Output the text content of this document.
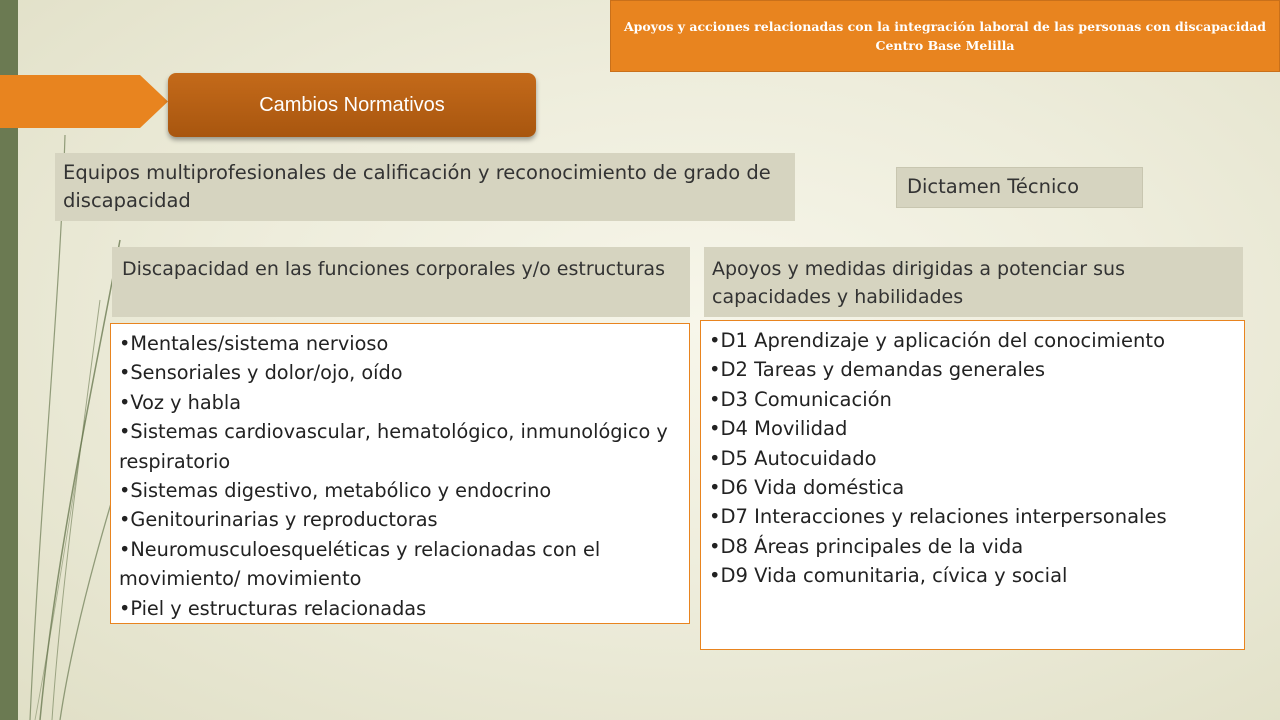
Apoyos y acciones relacionadas con la integración laboral de las personas con discapacidad
Centro Base Melilla
Cambios Normativos
Equipos multiprofesionales de calificación y reconocimiento de grado de discapacidad
Dictamen Técnico
Discapacidad en las funciones corporales y/o estructuras	Apoyos y medidas dirigidas a potenciar sus capacidades y habilidades
•Mentales/sistema nervioso
•Sensoriales y dolor/ojo, oído
•Voz y habla
•Sistemas cardiovascular, hematológico, inmunológico y respiratorio
•Sistemas digestivo, metabólico y endocrino
•Genitourinarias y reproductoras
•Neuromusculoesqueléticas y relacionadas con el movimiento/ movimiento
•Piel y estructuras relacionadas
•D1 Aprendizaje y aplicación del conocimiento
•D2 Tareas y demandas generales
•D3 Comunicación
•D4 Movilidad
•D5 Autocuidado
•D6 Vida doméstica
•D7 Interacciones y relaciones interpersonales
•D8 Áreas principales de la vida
•D9 Vida comunitaria, cívica y social
